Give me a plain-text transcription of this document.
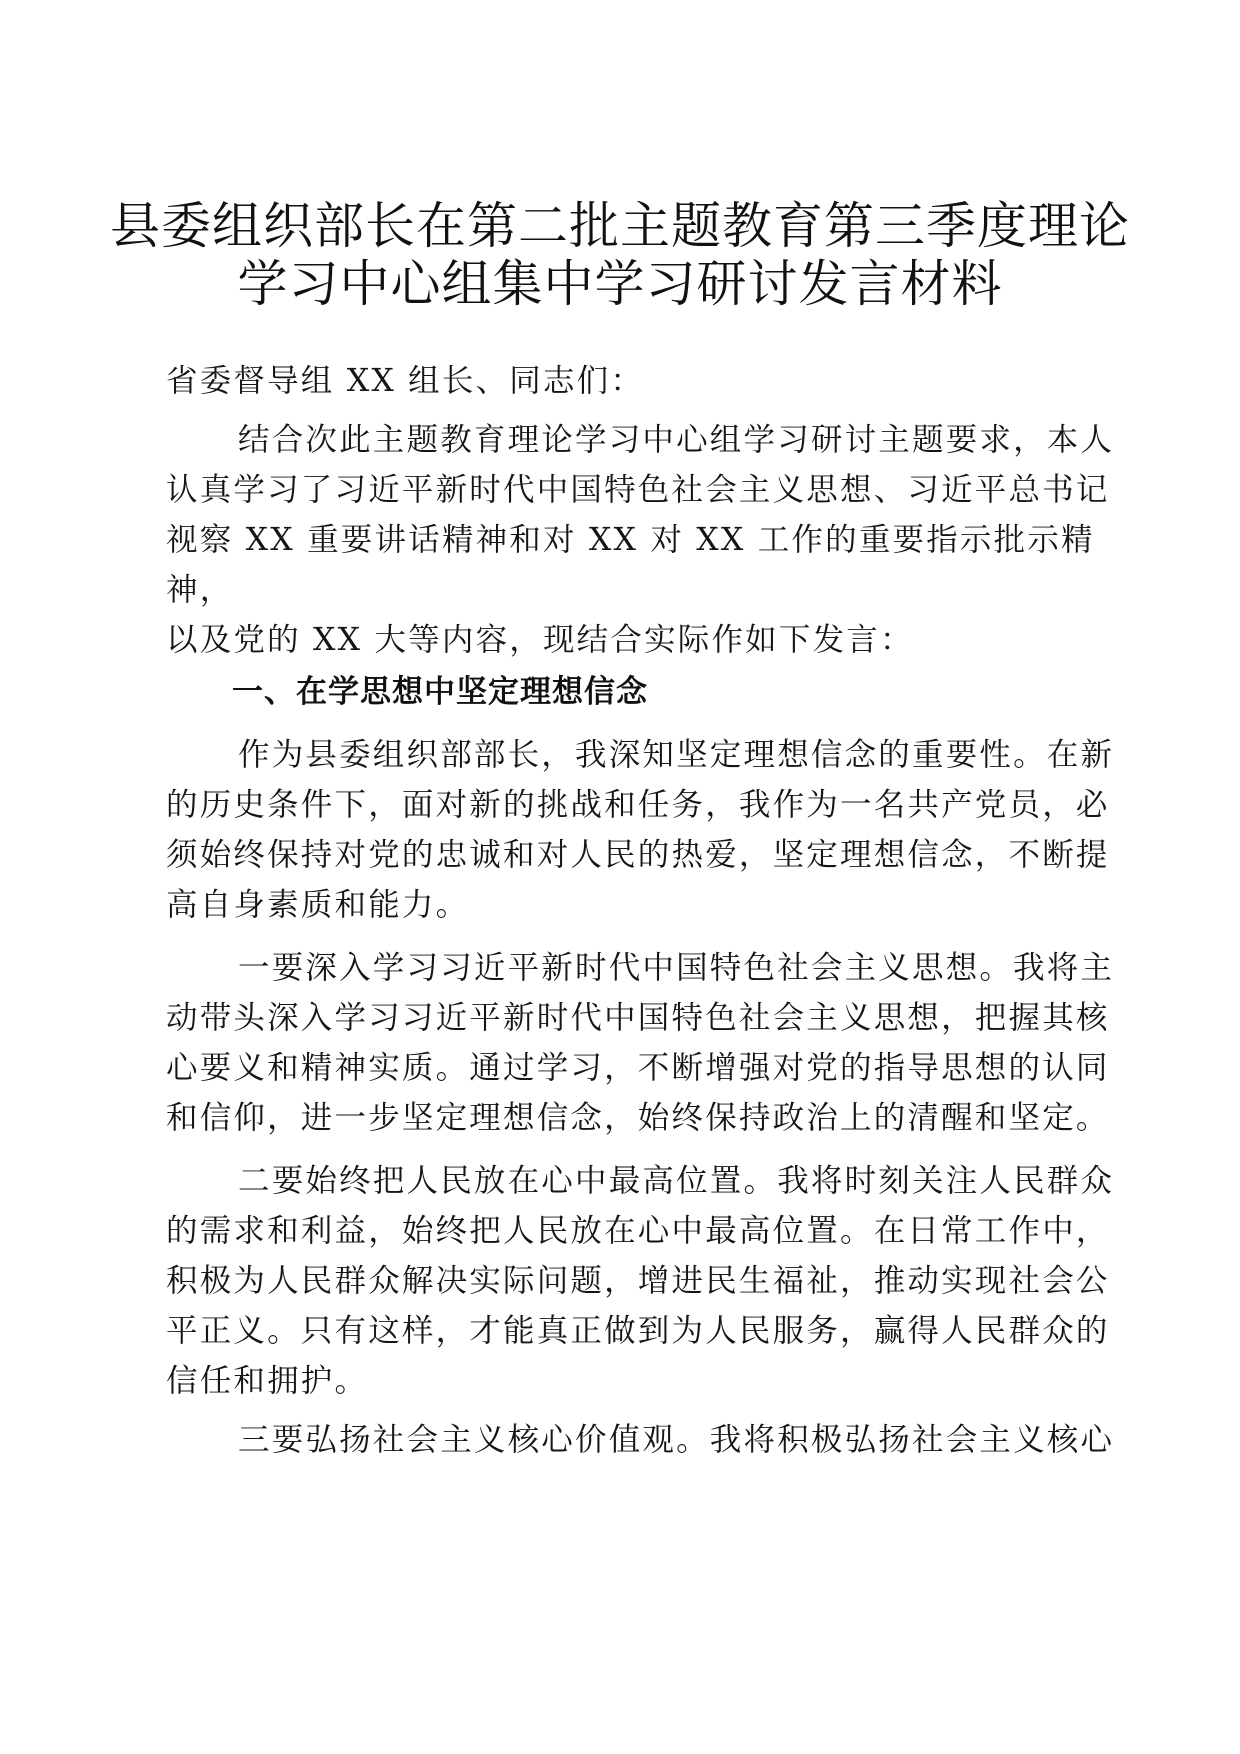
县委组织部长在第二批主题教育第三季度理论
学习中心组集中学习研讨发言材料
省委督导组 XX 组长、同志们：
结合次此主题教育理论学习中心组学习研讨主题要求，本人
认真学习了习近平新时代中国特色社会主义思想、习近平总书记
视察 XX 重要讲话精神和对 XX 对 XX 工作的重要指示批示精
神，
以及党的 XX 大等内容，现结合实际作如下发言：
一、在学思想中坚定理想信念
作为县委组织部部长，我深知坚定理想信念的重要性。在新
的历史条件下，面对新的挑战和任务，我作为一名共产党员，必
须始终保持对党的忠诚和对人民的热爱，坚定理想信念，不断提
高自身素质和能力。
一要深入学习习近平新时代中国特色社会主义思想。我将主
动带头深入学习习近平新时代中国特色社会主义思想，把握其核
心要义和精神实质。通过学习，不断增强对党的指导思想的认同
和信仰，进一步坚定理想信念，始终保持政治上的清醒和坚定。
二要始终把人民放在心中最高位置。我将时刻关注人民群众
的需求和利益，始终把人民放在心中最高位置。在日常工作中，
积极为人民群众解决实际问题，增进民生福祉，推动实现社会公
平正义。只有这样，才能真正做到为人民服务，赢得人民群众的
信任和拥护。
三要弘扬社会主义核心价值观。我将积极弘扬社会主义核心
